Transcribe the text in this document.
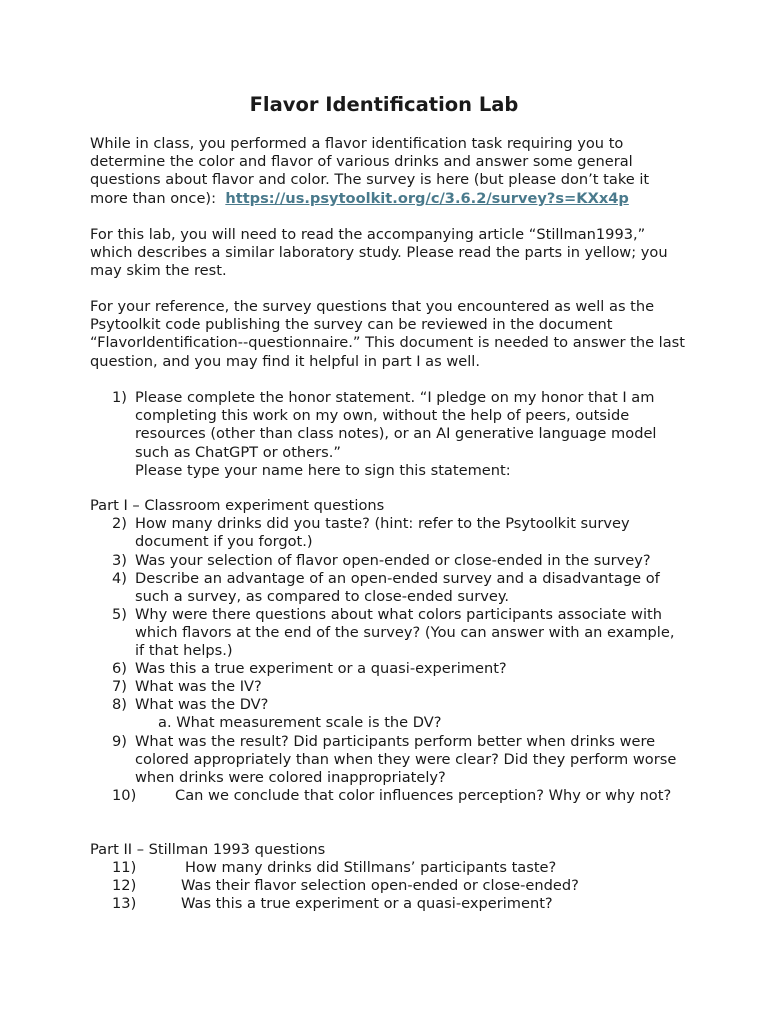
Flavor Identification Lab

While in class, you performed a flavor identification task requiring you to determine the color and flavor of various drinks and answer some general questions about flavor and color. The survey is here (but please don’t take it more than once): https://us.psytoolkit.org/c/3.6.2/survey?s=KXx4p

For this lab, you will need to read the accompanying article “Stillman1993,” which describes a similar laboratory study. Please read the parts in yellow; you may skim the rest.
For your reference, the survey questions that you encountered as well as the Psytoolkit code publishing the survey can be reviewed in the document “FlavorIdentification--questionnaire.” This document is needed to answer the last question, and you may find it helpful in part I as well.
1) Please complete the honor statement. “I pledge on my honor that I am completing this work on my own, without the help of peers, outside resources (other than class notes), or an AI generative language model such as ChatGPT or others.”
Please type your name here to sign this statement:
Part I – Classroom experiment questions
2) How many drinks did you taste? (hint: refer to the Psytoolkit survey document if you forgot.)
3) Was your selection of flavor open-ended or close-ended in the survey?
4) Describe an advantage of an open-ended survey and a disadvantage of such a survey, as compared to close-ended survey.
5) Why were there questions about what colors participants associate with which flavors at the end of the survey? (You can answer with an example, if that helps.)
6) Was this a true experiment or a quasi-experiment?
7) What was the IV?
8) What was the DV?
a. What measurement scale is the DV?
9) What was the result? Did participants perform better when drinks were colored appropriately than when they were clear? Did they perform worse when drinks were colored inappropriately?
10)	Can we conclude that color influences perception? Why or why not?
Part II – Stillman 1993 questions
11)	How many drinks did Stillmans’ participants taste?
12)	Was their flavor selection open-ended or close-ended?
13)	Was this a true experiment or a quasi-experiment?
